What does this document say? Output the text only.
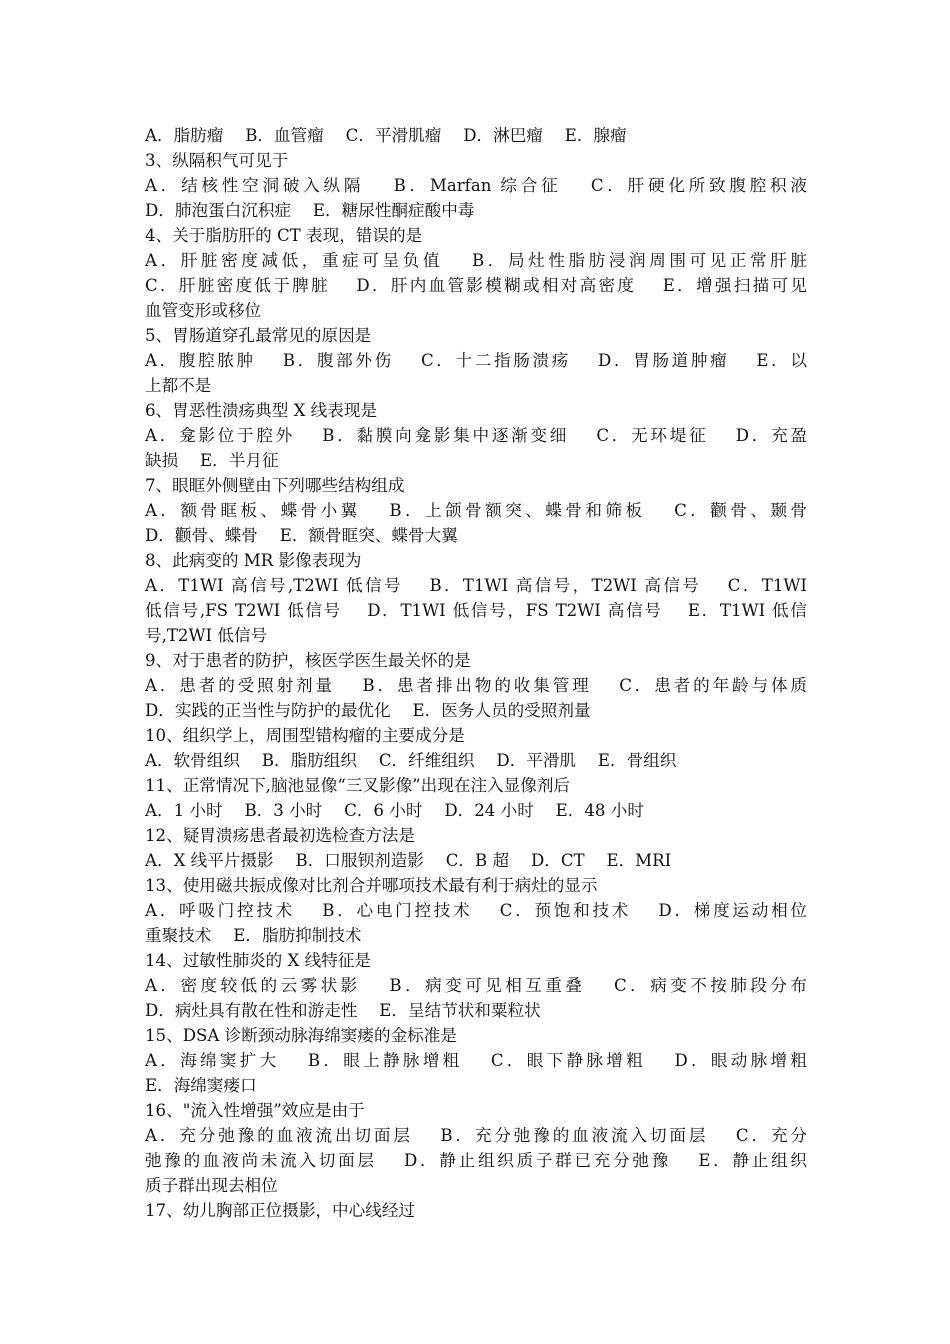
A．脂肪瘤　 B．血管瘤　 C．平滑肌瘤　 D．淋巴瘤　 E．腺瘤
3、纵隔积气可见于
A．结核性空洞破入纵隔　 B．Marfan 综合征　 C．肝硬化所致腹腔积液
D．肺泡蛋白沉积症　 E．糖尿性酮症酸中毒
4、关于脂肪肝的 CT 表现，错误的是
A．肝脏密度减低，重症可呈负值　 B．局灶性脂肪浸润周围可见正常肝脏
C．肝脏密度低于脾脏　 D．肝内血管影模糊或相对高密度　 E．增强扫描可见
血管变形或移位
5、胃肠道穿孔最常见的原因是
A．腹腔脓肿　 B．腹部外伤　 C．十二指肠溃疡　 D．胃肠道肿瘤　 E．以
上都不是
6、胃恶性溃疡典型 X 线表现是
A．龛影位于腔外　 B．黏膜向龛影集中逐渐变细　 C．无环堤征　 D．充盈
缺损　 E．半月征
7、眼眶外侧壁由下列哪些结构组成
A．额骨眶板、蝶骨小翼　 B．上颌骨额突、蝶骨和筛板　 C．颧骨、颞骨
D．颧骨、蝶骨　 E．额骨眶突、蝶骨大翼
8、此病变的 MR 影像表现为
A．T1WI 高信号,T2WI 低信号　 B．T1WI 高信号，T2WI 高信号　 C．T1WI
低信号,FS T2WI 低信号　 D．T1WI 低信号，FS T2WI 高信号　 E．T1WI 低信
号,T2WI 低信号
9、对于患者的防护，核医学医生最关怀的是
A．患者的受照射剂量　 B．患者排出物的收集管理　 C．患者的年龄与体质
D．实践的正当性与防护的最优化　 E．医务人员的受照剂量
10、组织学上，周围型错构瘤的主要成分是
A．软骨组织　 B．脂肪组织　 C．纤维组织　 D．平滑肌　 E．骨组织
11、正常情况下,脑池显像“三叉影像”出现在注入显像剂后
A．1 小时　 B．3 小时　 C．6 小时　 D．24 小时　 E．48 小时
12、疑胃溃疡患者最初选检查方法是
A．X 线平片摄影　 B．口服钡剂造影　 C．B 超　 D．CT　 E．MRI
13、使用磁共振成像对比剂合并哪项技术最有利于病灶的显示
A．呼吸门控技术　 B．心电门控技术　 C．预饱和技术　 D．梯度运动相位
重聚技术　 E．脂肪抑制技术
14、过敏性肺炎的 X 线特征是
A．密度较低的云雾状影　 B．病变可见相互重叠　 C．病变不按肺段分布
D．病灶具有散在性和游走性　 E．呈结节状和粟粒状
15、DSA 诊断颈动脉海绵窦瘘的金标准是
A．海绵窦扩大　 B．眼上静脉增粗　 C．眼下静脉增粗　 D．眼动脉增粗
E．海绵窦瘘口
16、"流入性增强”效应是由于
A．充分弛豫的血液流出切面层　 B．充分弛豫的血液流入切面层　 C．充分
弛豫的血液尚未流入切面层　 D．静止组织质子群已充分弛豫　 E．静止组织
质子群出现去相位
17、幼儿胸部正位摄影，中心线经过
